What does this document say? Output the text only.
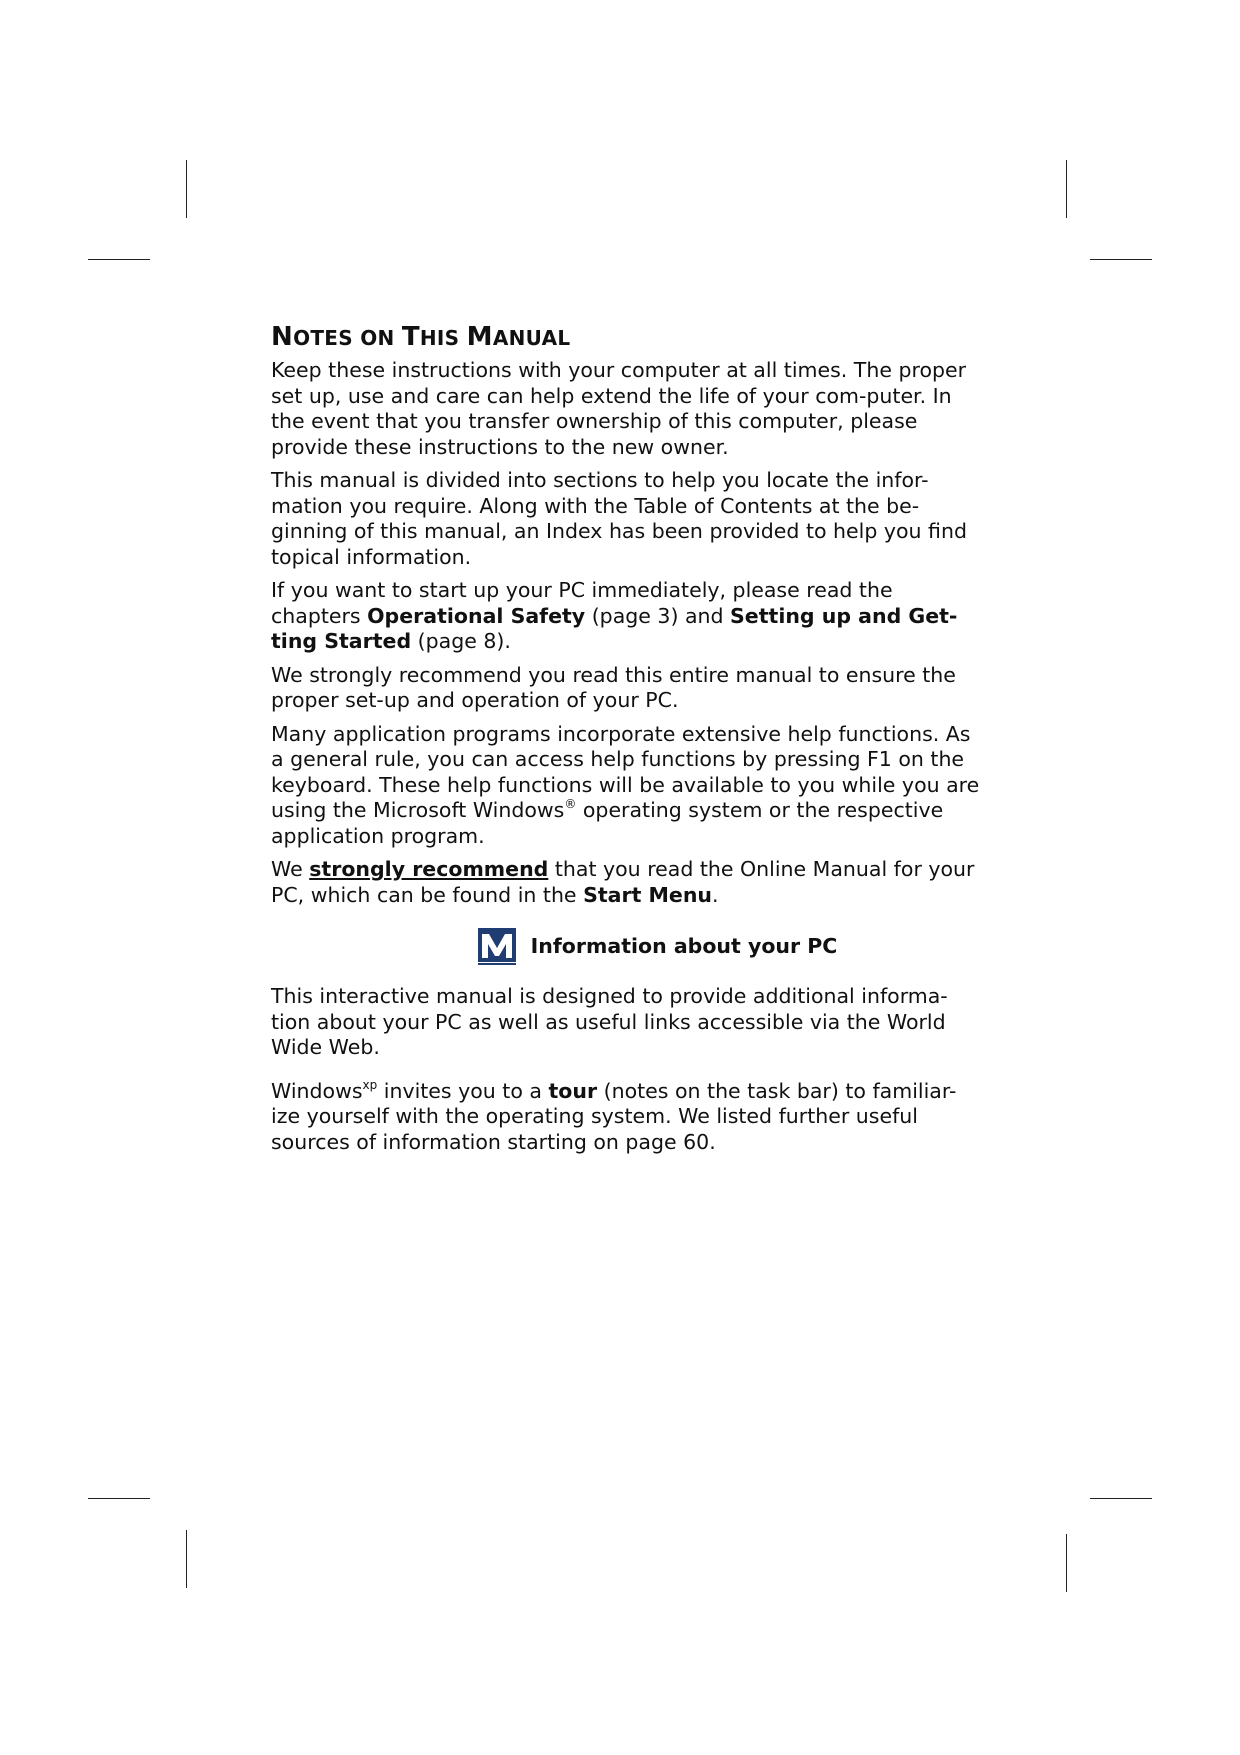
NOTES ON THIS MANUAL

Keep these instructions with your computer at all times. The proper set up, use and care can help extend the life of your com-puter. In the event that you transfer ownership of this computer, please provide these instructions to the new owner.

This manual is divided into sections to help you locate the infor-mation you require. Along with the Table of Contents at the be-ginning of this manual, an Index has been provided to help you find topical information.

If you want to start up your PC immediately, please read the chapters Operational Safety (page 3) and Setting up and Get-ting Started (page 8).

We strongly recommend you read this entire manual to ensure the proper set-up and operation of your PC.

Many application programs incorporate extensive help functions. As a general rule, you can access help functions by pressing F1 on the keyboard. These help functions will be available to you while you are using the Microsoft Windows® operating system or the respective application program.

We strongly recommend that you read the Online Manual for your PC, which can be found in the Start Menu.

Information about your PC

This interactive manual is designed to provide additional informa-tion about your PC as well as useful links accessible via the World Wide Web.

Windows$^{xp}$ invites you to a tour (notes on the task bar) to familiar-ize yourself with the operating system. We listed further useful sources of information starting on page 60.
